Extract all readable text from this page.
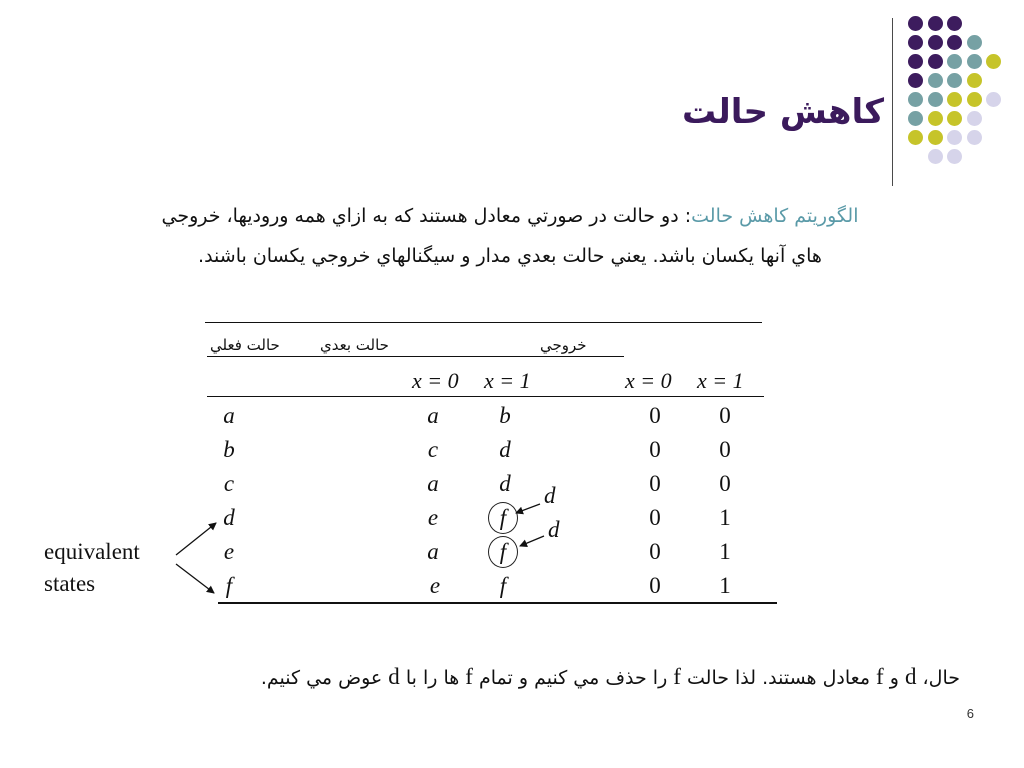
كاهش حالت
الگوريتم كاهش حالت: دو حالت در صورتي معادل هستند كه به ازاي همه وروديها، خروجي
هاي آنها يكسان باشد. يعني حالت بعدي مدار و سيگنالهاي خروجي يكسان باشند.
حالت فعلي	حالت بعدي	خروجي
x = 0 x = 1	x = 0 x = 1
a	a	b	0	0
b	c	d	0	0
c	a	d	0	0
d	e	f	0	1
e	a	f	0	1
f	e	f	0	1
d
d
equivalent
states
حال، d و f معادل هستند. لذا حالت f را حذف مي كنيم و تمام f ها را با d عوض مي كنيم.
6
